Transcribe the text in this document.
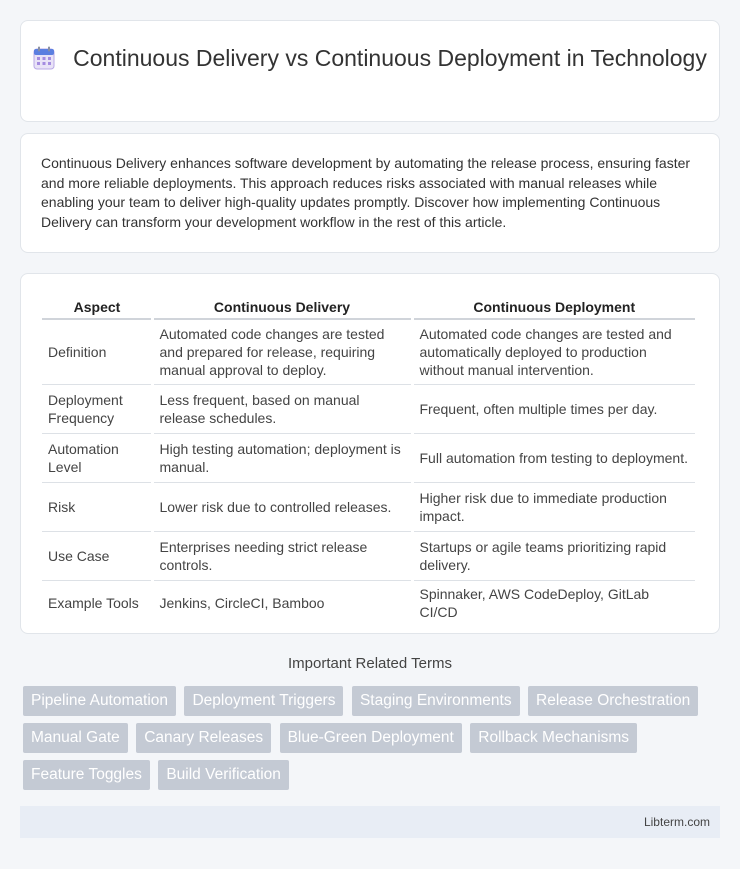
Continuous Delivery vs Continuous Deployment in Technology

Continuous Delivery enhances software development by automating the release process, ensuring faster and more reliable deployments. This approach reduces risks associated with manual releases while enabling your team to deliver high-quality updates promptly. Discover how implementing Continuous Delivery can transform your development workflow in the rest of this article.

Aspect	Continuous Delivery	Continuous Deployment
Definition	Automated code changes are tested and prepared for release, requiring manual approval to deploy.	Automated code changes are tested and automatically deployed to production without manual intervention.
Deployment Frequency	Less frequent, based on manual release schedules.	Frequent, often multiple times per day.
Automation Level	High testing automation; deployment is manual.	Full automation from testing to deployment.
Risk	Lower risk due to controlled releases.	Higher risk due to immediate production impact.
Use Case	Enterprises needing strict release controls.	Startups or agile teams prioritizing rapid delivery.
Example Tools	Jenkins, CircleCI, Bamboo	Spinnaker, AWS CodeDeploy, GitLab CI/CD
Important Related Terms
Pipeline Automation Deployment Triggers Staging Environments Release Orchestration Manual Gate Canary Releases Blue-Green Deployment Rollback Mechanisms Feature Toggles Build Verification
Libterm.com
